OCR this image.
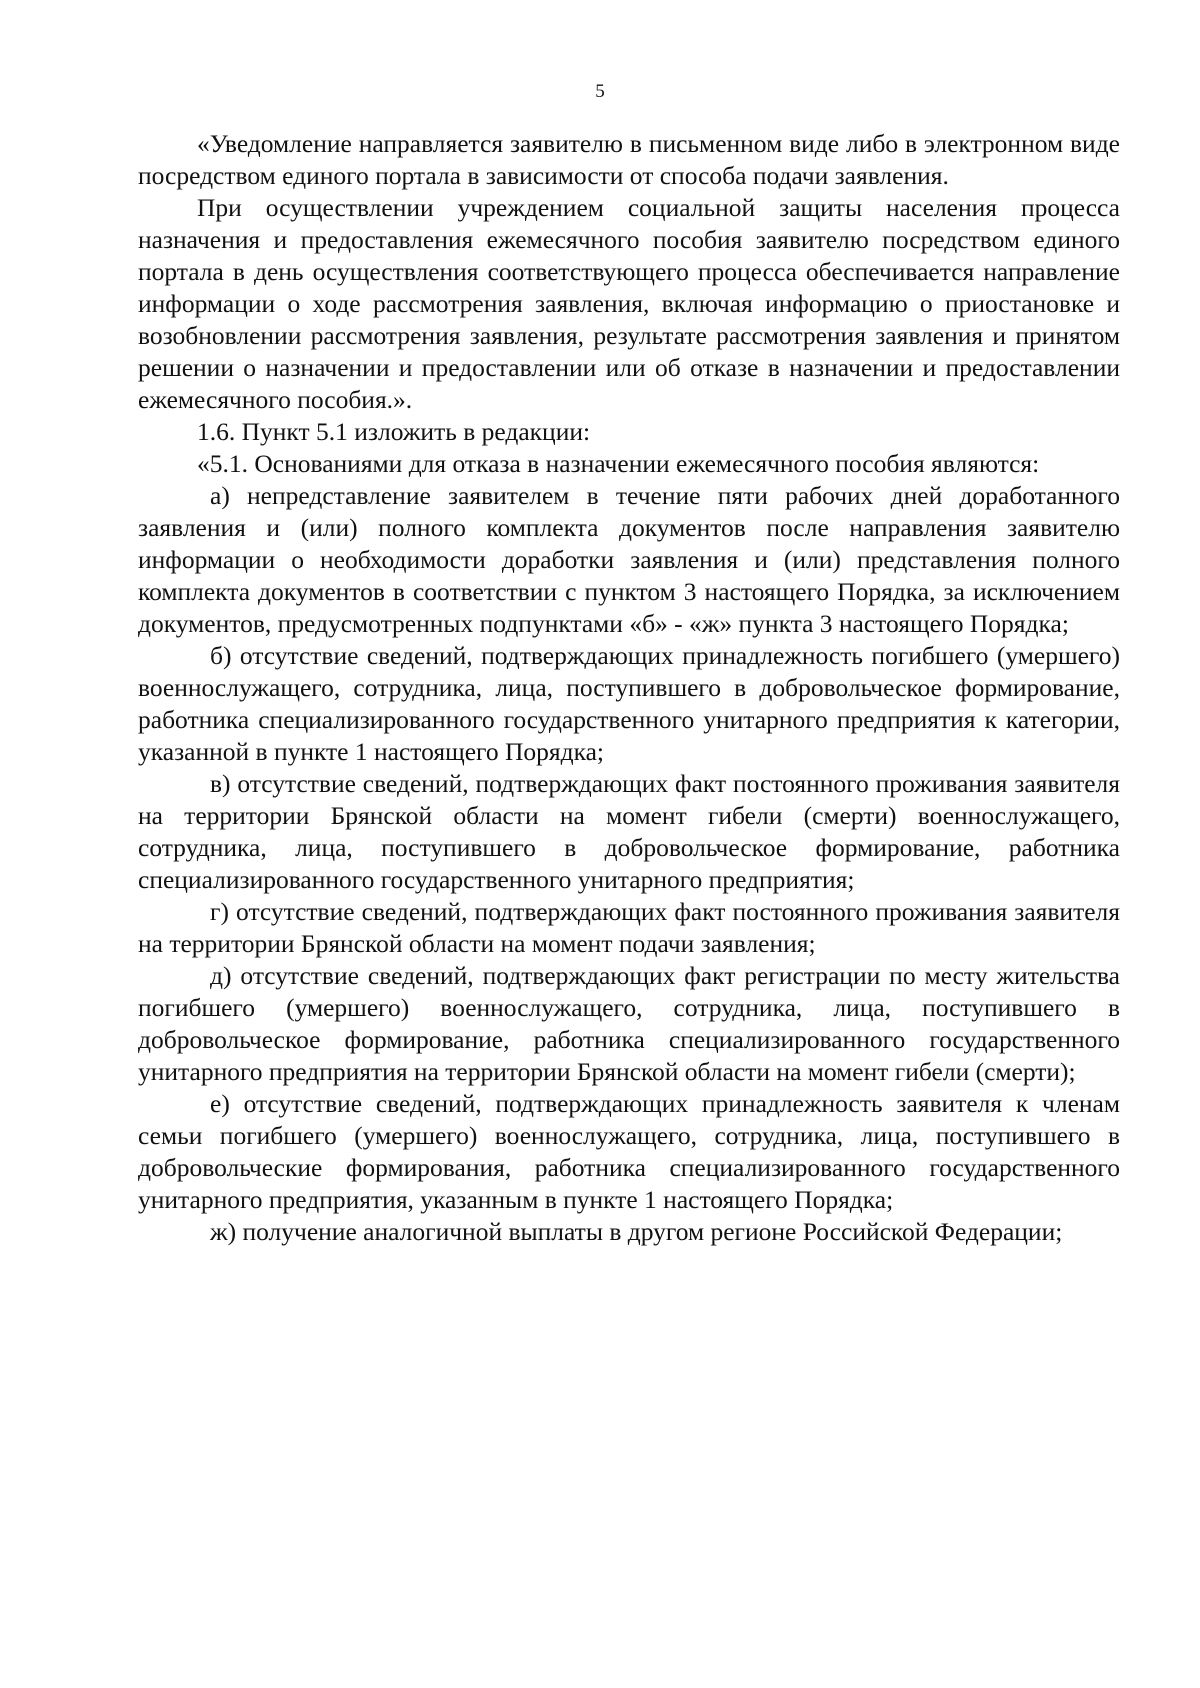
5

«Уведомление направляется заявителю в письменном виде либо в электронном виде посредством единого портала в зависимости от способа подачи заявления.

При осуществлении учреждением социальной защиты населения процесса назначения и предоставления ежемесячного пособия заявителю посредством единого портала в день осуществления соответствующего процесса обеспечивается направление информации о ходе рассмотрения заявления, включая информацию о приостановке и возобновлении рассмотрения заявления, результате рассмотрения заявления и принятом решении о назначении и предоставлении или об отказе в назначении и предоставлении ежемесячного пособия.».

1.6. Пункт 5.1 изложить в редакции:

«5.1. Основаниями для отказа в назначении ежемесячного пособия являются:

а) непредставление заявителем в течение пяти рабочих дней доработанного заявления и (или) полного комплекта документов после направления заявителю информации о необходимости доработки заявления и (или) представления полного комплекта документов в соответствии с пунктом 3 настоящего Порядка, за исключением документов, предусмотренных подпунктами «б» - «ж» пункта 3 настоящего Порядка;

б) отсутствие сведений, подтверждающих принадлежность погибшего (умершего) военнослужащего, сотрудника, лица, поступившего в добровольческое формирование, работника специализированного государственного унитарного предприятия к категории, указанной в пункте 1 настоящего Порядка;

в) отсутствие сведений, подтверждающих факт постоянного проживания заявителя на территории Брянской области на момент гибели (смерти) военнослужащего, сотрудника, лица, поступившего в добровольческое формирование, работника специализированного государственного унитарного предприятия;

г) отсутствие сведений, подтверждающих факт постоянного проживания заявителя на территории Брянской области на момент подачи заявления;

д) отсутствие сведений, подтверждающих факт регистрации по месту жительства погибшего (умершего) военнослужащего, сотрудника, лица, поступившего в добровольческое формирование, работника специализированного государственного унитарного предприятия на территории Брянской области на момент гибели (смерти);

е) отсутствие сведений, подтверждающих принадлежность заявителя к членам семьи погибшего (умершего) военнослужащего, сотрудника, лица, поступившего в добровольческие формирования, работника специализированного государственного унитарного предприятия, указанным в пункте 1 настоящего Порядка;

ж) получение аналогичной выплаты в другом регионе Российской Федерации;
